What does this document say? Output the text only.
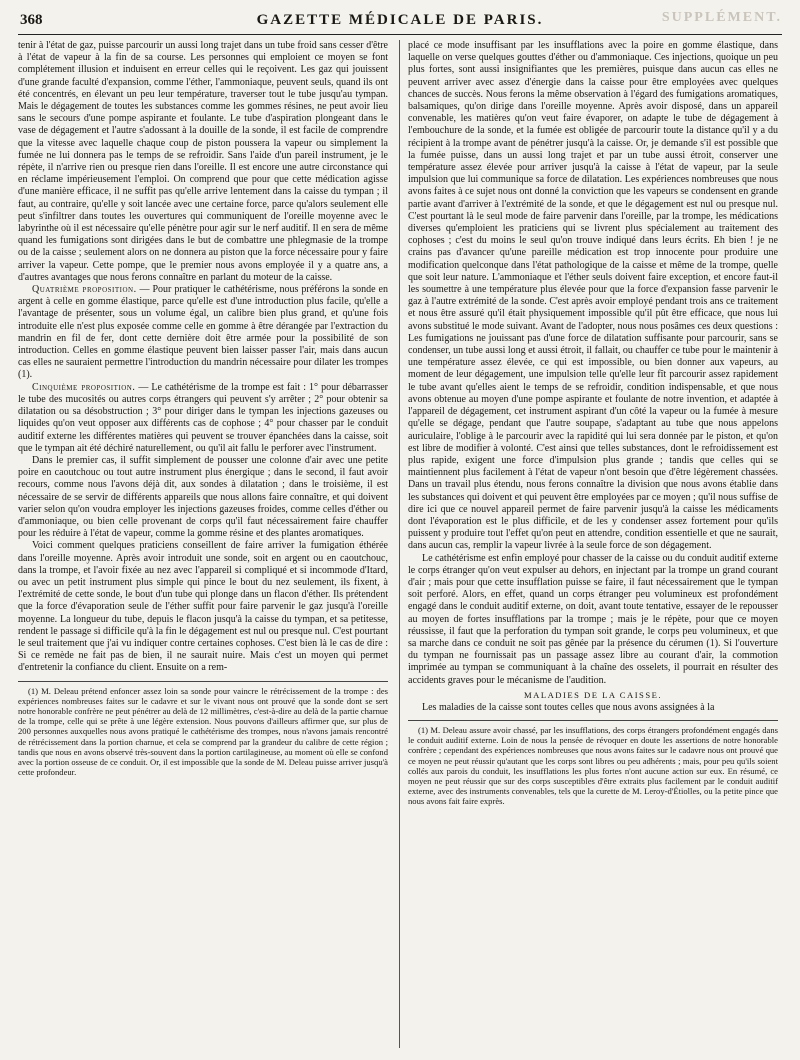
368	GAZETTE MÉDICALE DE PARIS.	SUPPLÉMENT.

tenir à l'état de gaz, puisse parcourir un aussi long trajet dans un tube froid sans cesser d'être à l'état de vapeur à la fin de sa course. Les personnes qui emploient ce moyen se font complétement illusion et induisent en erreur celles qui le reçoivent. Les gaz qui jouissent d'une grande faculté d'expansion, comme l'éther, l'ammoniaque, peuvent seuls, quand ils ont été concentrés, en élevant un peu leur température, traverser tout le tube jusqu'au tympan. Mais le dégagement de toutes les substances comme les gommes résines, ne peut avoir lieu sans le secours d'une pompe aspirante et foulante. Le tube d'aspiration plongeant dans le vase de dégagement et l'autre s'adossant à la douille de la sonde, il est facile de comprendre que la vitesse avec laquelle chaque coup de piston poussera la vapeur ou simplement la fumée ne lui donnera pas le temps de se refroidir. Sans l'aide d'un pareil instrument, je le répète, il n'arrive rien ou presque rien dans l'oreille. Il est encore une autre circonstance qui en réclame impérieusement l'emploi. On comprend que pour que cette médication agisse d'une manière efficace, il ne suffit pas qu'elle arrive lentement dans la caisse du tympan ; il faut, au contraire, qu'elle y soit lancée avec une certaine force, parce qu'alors seulement elle peut s'infiltrer dans toutes les ouvertures qui communiquent de l'oreille moyenne avec le labyrinthe où il est nécessaire qu'elle pénètre pour agir sur le nerf auditif. Il en sera de même quand les fumigations sont dirigées dans le but de combattre une phlegmasie de la trompe ou de la caisse ; seulement alors on ne donnera au piston que la force nécessaire pour y faire arriver la vapeur. Cette pompe, que le premier nous avons employée il y a quatre ans, a d'autres avantages que nous ferons connaître en parlant du moteur de la caisse.

Quatrième proposition. — Pour pratiquer le cathétérisme, nous préférons la sonde en argent à celle en gomme élastique, parce qu'elle est d'une introduction plus facile, qu'elle a l'avantage de présenter, sous un volume égal, un calibre bien plus grand, et qu'une fois introduite elle n'est plus exposée comme celle en gomme à être dérangée par l'extraction du mandrin en fil de fer, dont cette dernière doit être armée pour la possibilité de son introduction. Celles en gomme élastique peuvent bien laisser passer l'air, mais dans aucun cas elles ne sauraient permettre l'introduction du mandrin nécessaire pour dilater les trompes (1).

Cinquième proposition. — Le cathétérisme de la trompe est fait : 1° pour débarrasser le tube des mucosités ou autres corps étrangers qui peuvent s'y arrêter ; 2° pour obtenir sa dilatation ou sa désobstruction ; 3° pour diriger dans le tympan les injections gazeuses ou liquides qu'on veut opposer aux différents cas de cophose ; 4° pour chasser par le conduit auditif externe les différentes matières qui peuvent se trouver épanchées dans la caisse, soit que le tympan ait été déchiré naturellement, ou qu'il ait fallu le perforer avec l'instrument.

Dans le premier cas, il suffit simplement de pousser une colonne d'air avec une petite poire en caoutchouc ou tout autre instrument plus énergique ; dans le second, il faut avoir recours, comme nous l'avons déjà dit, aux sondes à dilatation ; dans le troisième, il est nécessaire de se servir de différents appareils que nous allons faire connaître, et qui doivent varier selon qu'on voudra employer les injections gazeuses froides, comme celles d'éther ou d'ammoniaque, ou bien celle provenant de corps qu'il faut nécessairement faire chauffer pour les réduire à l'état de vapeur, comme la gomme résine et des plantes aromatiques.

Voici comment quelques praticiens conseillent de faire arriver la fumigation éthérée dans l'oreille moyenne. Après avoir introduit une sonde, soit en argent ou en caoutchouc, dans la trompe, et l'avoir fixée au nez avec l'appareil si compliqué et si incommode d'Itard, ou avec un petit instrument plus simple qui pince le bout du nez seulement, ils fixent, à l'extrémité de cette sonde, le bout d'un tube qui plonge dans un flacon d'éther. Ils prétendent que la force d'évaporation seule de l'éther suffit pour faire parvenir le gaz jusqu'à l'oreille moyenne. La longueur du tube, depuis le flacon jusqu'à la caisse du tympan, et sa petitesse, rendent le passage si difficile qu'à la fin le dégagement est nul ou presque nul. C'est pourtant le seul traitement que j'ai vu indiquer contre certaines cophoses. C'est bien là le cas de dire : Si ce remède ne fait pas de bien, il ne saurait nuire. Mais c'est un moyen qui permet d'entretenir la confiance du client. Ensuite on a rem-

(1) M. Deleau prétend enfoncer assez loin sa sonde pour vaincre le rétrécissement de la trompe : des expériences nombreuses faites sur le cadavre et sur le vivant nous ont prouvé que la sonde dont se sert notre honorable confrère ne peut pénétrer au delà de 12 millimètres, c'est-à-dire au delà de la partie charnue de la trompe, celle qui se prête à une légère extension. Nous pouvons d'ailleurs affirmer que, sur plus de 200 personnes auxquelles nous avons pratiqué le cathétérisme des trompes, nous n'avons jamais rencontré de rétrécissement dans la portion charnue, et cela se comprend par la grandeur du calibre de cette région ; tandis que nous en avons observé très-souvent dans la portion cartilagineuse, au moment où elle se confond avec la portion osseuse de ce conduit. Or, il est impossible que la sonde de M. Deleau puisse arriver jusqu'à cette profondeur.

placé ce mode insuffisant par les insufflations avec la poire en gomme élastique, dans laquelle on verse quelques gouttes d'éther ou d'ammoniaque. Ces injections, quoique un peu plus fortes, sont aussi insignifiantes que les premières, puisque dans aucun cas elles ne peuvent arriver avec assez d'énergie dans la caisse pour être employées avec quelques chances de succès. Nous ferons la même observation à l'égard des fumigations aromatiques, balsamiques, qu'on dirige dans l'oreille moyenne. Après avoir disposé, dans un appareil convenable, les matières qu'on veut faire évaporer, on adapte le tube de dégagement à l'embouchure de la sonde, et la fumée est obligée de parcourir toute la distance qu'il y a du récipient à la trompe avant de pénétrer jusqu'à la caisse. Or, je demande s'il est possible que la fumée puisse, dans un aussi long trajet et par un tube aussi étroit, conserver une température assez élevée pour arriver jusqu'à la caisse à l'état de vapeur, par la seule impulsion que lui communique sa force de dilatation. Les expériences nombreuses que nous avons faites à ce sujet nous ont donné la conviction que les vapeurs se condensent en grande partie avant d'arriver à l'extrémité de la sonde, et que le dégagement est nul ou presque nul. C'est pourtant là le seul mode de faire parvenir dans l'oreille, par la trompe, les médications diverses qu'emploient les praticiens qui se livrent plus spécialement au traitement des cophoses ; c'est du moins le seul qu'on trouve indiqué dans leurs écrits. Eh bien ! je ne crains pas d'avancer qu'une pareille médication est trop innocente pour produire une modification quelconque dans l'état pathologique de la caisse et même de la trompe, quelle que soit leur nature. L'ammoniaque et l'éther seuls doivent faire exception, et encore faut-il les soumettre à une température plus élevée pour que la force d'expansion fasse parvenir le gaz à l'autre extrémité de la sonde. C'est après avoir employé pendant trois ans ce traitement et nous être assuré qu'il était physiquement impossible qu'il pût être efficace, que nous lui avons substitué le mode suivant. Avant de l'adopter, nous nous posâmes ces deux questions : Les fumigations ne jouissant pas d'une force de dilatation suffisante pour parcourir, sans se condenser, un tube aussi long et aussi étroit, il fallait, ou chauffer ce tube pour le maintenir à une température assez élevée, ce qui est impossible, ou bien donner aux vapeurs, au moment de leur dégagement, une impulsion telle qu'elle leur fît parcourir assez rapidement le tube avant qu'elles aient le temps de se refroidir, condition indispensable, et que nous avons obtenue au moyen d'une pompe aspirante et foulante de notre invention, et adaptée à l'appareil de dégagement, cet instrument aspirant d'un côté la vapeur ou la fumée à mesure qu'elle se dégage, pendant que l'autre soupape, s'adaptant au tube que nous appelons auriculaire, l'oblige à le parcourir avec la rapidité qui lui sera donnée par le piston, et qu'on est libre de modifier à volonté. C'est ainsi que telles substances, dont le refroidissement est plus rapide, exigent une force d'impulsion plus grande ; tandis que celles qui se maintiennent plus facilement à l'état de vapeur n'ont besoin que d'être légèrement chassées. Dans un travail plus étendu, nous ferons connaître la division que nous avons établie dans les substances qui doivent et qui peuvent être employées par ce moyen ; qu'il nous suffise de dire ici que ce nouvel appareil permet de faire parvenir jusqu'à la caisse les médicaments dont l'évaporation est le plus difficile, et de les y condenser assez fortement pour qu'ils puissent y produire tout l'effet qu'on peut en attendre, condition essentielle et que ne saurait, dans aucun cas, remplir la vapeur livrée à la seule force de son dégagement.

Le cathétérisme est enfin employé pour chasser de la caisse ou du conduit auditif externe le corps étranger qu'on veut expulser au dehors, en injectant par la trompe un grand courant d'air ; mais pour que cette insufflation puisse se faire, il faut nécessairement que le tympan soit perforé. Alors, en effet, quand un corps étranger peu volumineux est profondément engagé dans le conduit auditif externe, on doit, avant toute tentative, essayer de le repousser au moyen de fortes insufflations par la trompe ; mais je le répète, pour que ce moyen réussisse, il faut que la perforation du tympan soit grande, le corps peu volumineux, et que sa marche dans ce conduit ne soit pas gênée par la présence du cérumen (1). Si l'ouverture du tympan ne fournissait pas un passage assez libre au courant d'air, la commotion imprimée au tympan se communiquant à la chaîne des osselets, il pourrait en résulter des accidents graves pour le mécanisme de l'audition.

MALADIES DE LA CAISSE.

Les maladies de la caisse sont toutes celles que nous avons assignées à la

(1) M. Deleau assure avoir chassé, par les insufflations, des corps étrangers profondément engagés dans le conduit auditif externe. Loin de nous la pensée de révoquer en doute les assertions de notre honorable confrère ; cependant des expériences nombreuses que nous avons faites sur le cadavre nous ont prouvé que ce moyen ne peut réussir qu'autant que les corps sont libres ou peu adhérents ; mais, pour peu qu'ils soient collés aux parois du conduit, les insufflations les plus fortes n'ont aucune action sur eux. En résumé, ce moyen ne peut réussir que sur des corps susceptibles d'être extraits plus facilement par le conduit auditif externe, avec des instruments convenables, tels que la curette de M. Leroy-d'Étiolles, ou la petite pince que nous avons fait faire exprès.
